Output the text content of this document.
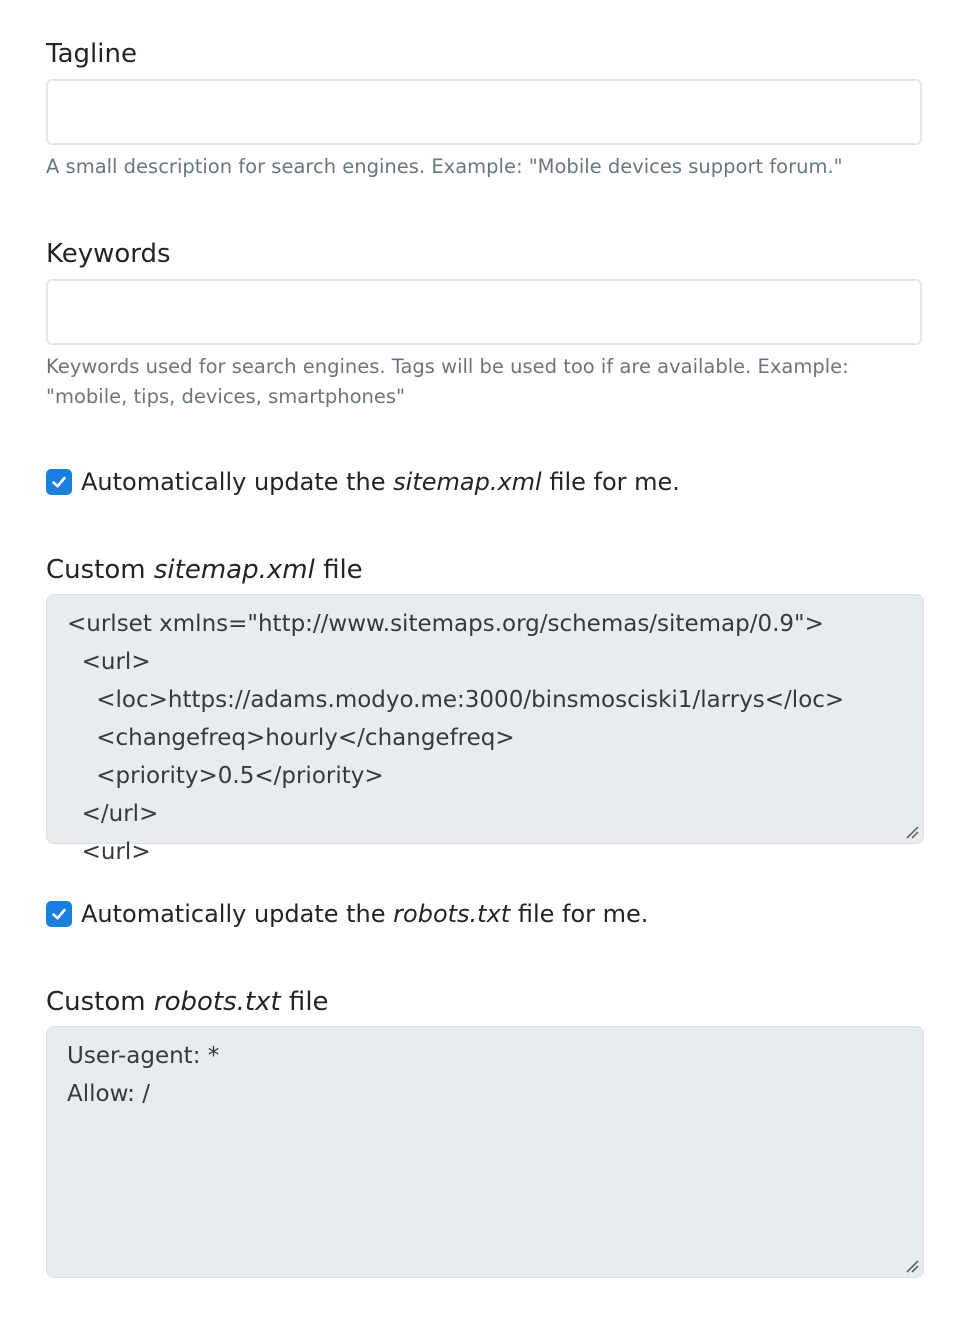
Tagline
A small description for search engines. Example: "Mobile devices support forum."
Keywords
Keywords used for search engines. Tags will be used too if are available. Example: "mobile, tips, devices, smartphones"
Automatically update the sitemap.xml file for me.
Custom sitemap.xml file
<urlset xmlns="http://www.sitemaps.org/schemas/sitemap/0.9">
<url>
<loc>https://adams.modyo.me:3000/binsmosciski1/larrys</loc>
<changefreq>hourly</changefreq>
<priority>0.5</priority>
</url>
<url>
Automatically update the robots.txt file for me.
Custom robots.txt file
User-agent: *
Allow: /
